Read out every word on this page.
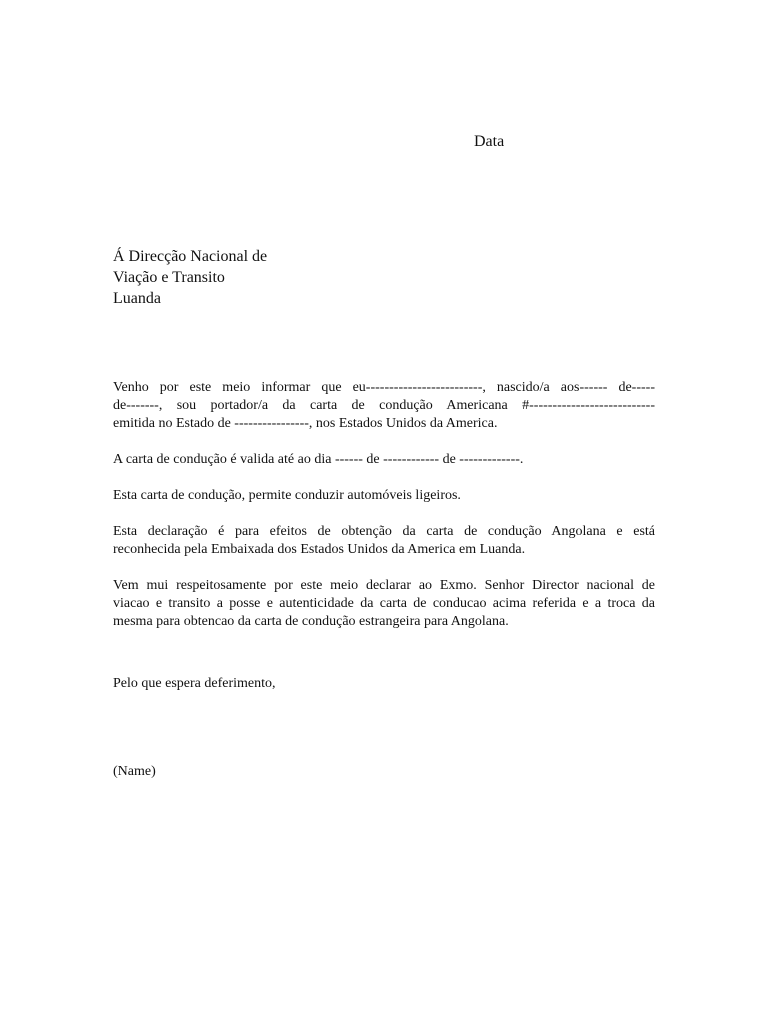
Data
Á Direcção Nacional de
Viação e Transito
Luanda
Venho por este meio informar que eu-------------------------, nascido/a aos------ de-----
de-------, sou portador/a da carta de condução Americana #---------------------------
emitida no Estado de ----------------, nos Estados Unidos da America.
A carta de condução é valida até ao dia ------ de ------------ de -------------.
Esta carta de condução, permite conduzir automóveis ligeiros.
Esta declaração é para efeitos de obtenção da carta de condução Angolana e está
reconhecida pela Embaixada dos Estados Unidos da America em Luanda.
Vem mui respeitosamente por este meio declarar ao Exmo. Senhor Director nacional de
viacao e transito a posse e autenticidade da carta de conducao acima referida e a troca da
mesma para obtencao da carta de condução estrangeira para Angolana.
Pelo que espera deferimento,
(Name)
